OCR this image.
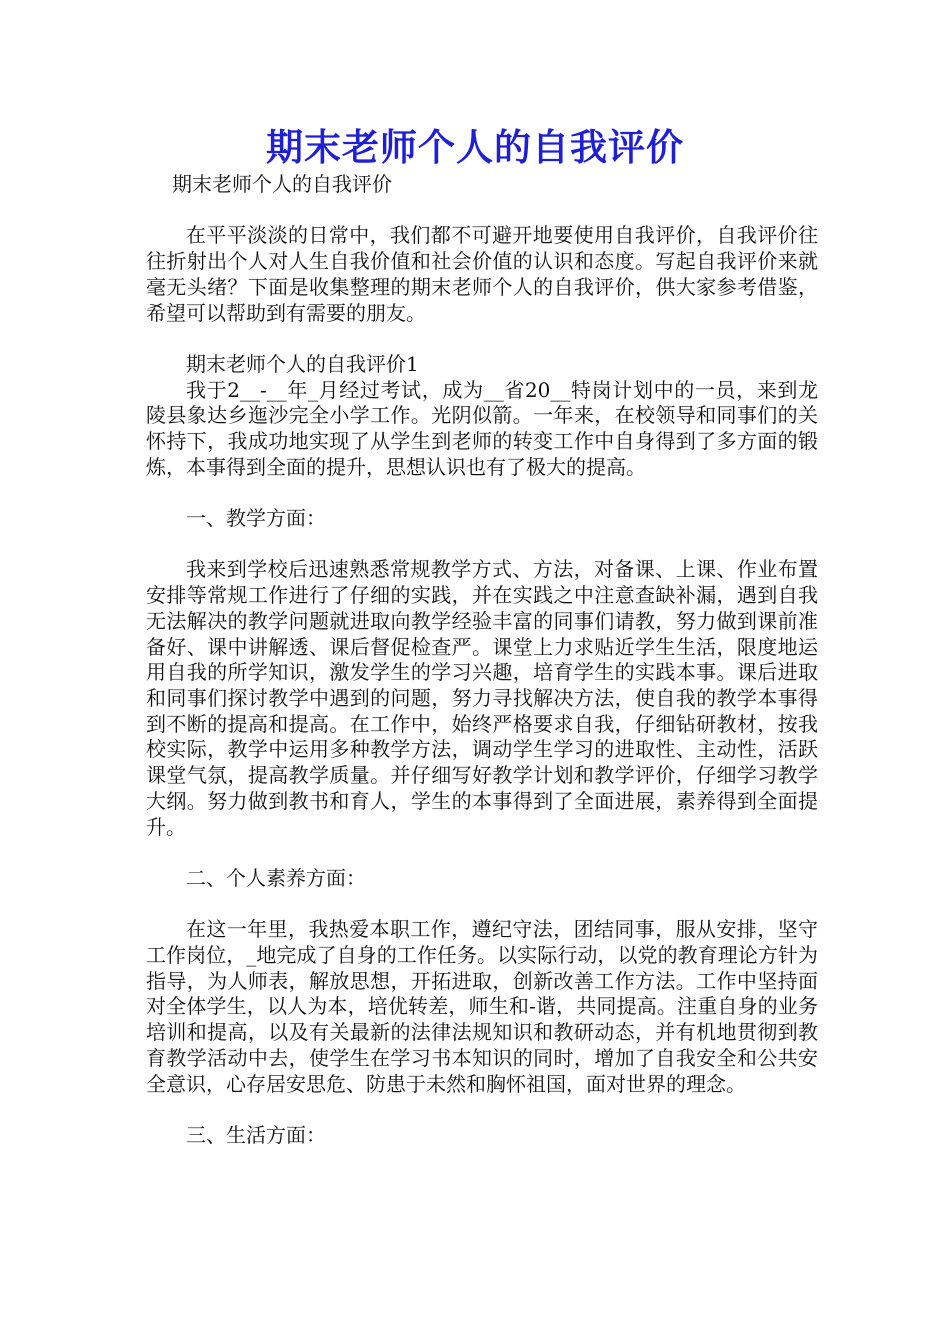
期末老师个人的自我评价

期末老师个人的自我评价

在平平淡淡的日常中，我们都不可避开地要使用自我评价，自我评价往往折射出个人对人生自我价值和社会价值的认识和态度。写起自我评价来就毫无头绪？下面是收集整理的期末老师个人的自我评价，供大家参考借鉴，希望可以帮助到有需要的朋友。

期末老师个人的自我评价1

我于2__-__年_月经过考试，成为__省20__特岗计划中的一员，来到龙陵县象达乡迤沙完全小学工作。光阴似箭。一年来，在校领导和同事们的关怀持下，我成功地实现了从学生到老师的转变工作中自身得到了多方面的锻炼，本事得到全面的提升，思想认识也有了极大的提高。

一、教学方面：

我来到学校后迅速熟悉常规教学方式、方法，对备课、上课、作业布置安排等常规工作进行了仔细的实践，并在实践之中注意查缺补漏，遇到自我无法解决的教学问题就进取向教学经验丰富的同事们请教，努力做到课前准备好、课中讲解透、课后督促检查严。课堂上力求贴近学生生活，限度地运用自我的所学知识，激发学生的学习兴趣，培育学生的实践本事。课后进取和同事们探讨教学中遇到的问题，努力寻找解决方法，使自我的教学本事得到不断的提高和提高。在工作中，始终严格要求自我，仔细钻研教材，按我校实际，教学中运用多种教学方法，调动学生学习的进取性、主动性，活跃课堂气氛，提高教学质量。并仔细写好教学计划和教学评价，仔细学习教学大纲。努力做到教书和育人，学生的本事得到了全面进展，素养得到全面提升。

二、个人素养方面：

在这一年里，我热爱本职工作，遵纪守法，团结同事，服从安排，坚守工作岗位，_地完成了自身的工作任务。以实际行动，以党的教育理论方针为指导，为人师表，解放思想，开拓进取，创新改善工作方法。工作中坚持面对全体学生，以人为本，培优转差，师生和-谐，共同提高。注重自身的业务培训和提高，以及有关最新的法律法规知识和教研动态，并有机地贯彻到教育教学活动中去，使学生在学习书本知识的同时，增加了自我安全和公共安全意识，心存居安思危、防患于未然和胸怀祖国，面对世界的理念。

三、生活方面：
